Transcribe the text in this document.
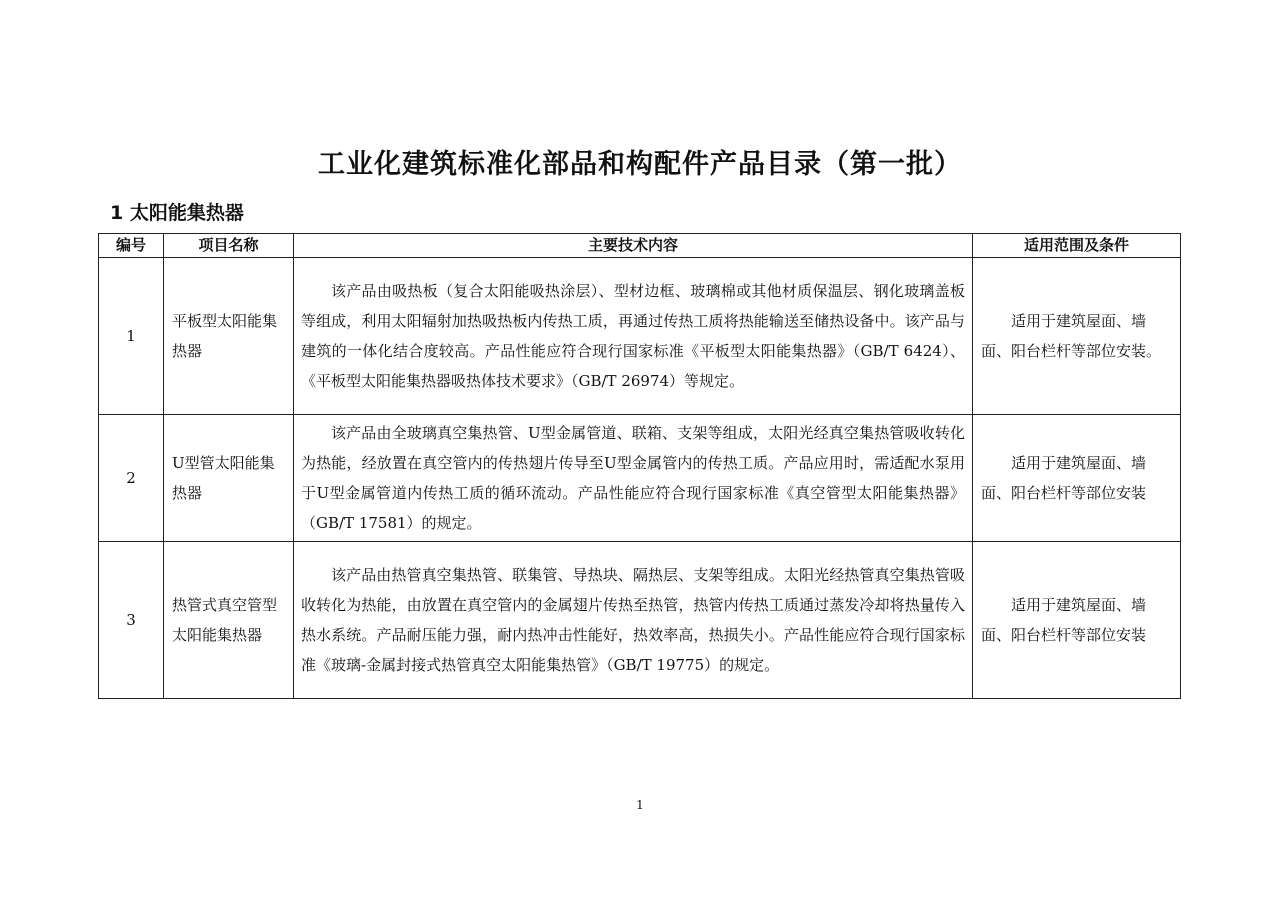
工业化建筑标准化部品和构配件产品目录（第一批）
1 太阳能集热器
编号	项目名称	主要技术内容	适用范围及条件
1	平板型太阳能集热器	该产品由吸热板（复合太阳能吸热涂层）、型材边框、玻璃棉或其他材质保温层、钢化玻璃盖板等组成，利用太阳辐射加热吸热板内传热工质，再通过传热工质将热能输送至储热设备中。该产品与建筑的一体化结合度较高。产品性能应符合现行国家标准《平板型太阳能集热器》（GB/T 6424）、《平板型太阳能集热器吸热体技术要求》（GB/T 26974）等规定。	适用于建筑屋面、墙面、阳台栏杆等部位安装。
2	U型管太阳能集热器	该产品由全玻璃真空集热管、U型金属管道、联箱、支架等组成，太阳光经真空集热管吸收转化为热能，经放置在真空管内的传热翅片传导至U型金属管内的传热工质。产品应用时，需适配水泵用于U型金属管道内传热工质的循环流动。产品性能应符合现行国家标准《真空管型太阳能集热器》（GB/T 17581）的规定。	适用于建筑屋面、墙面、阳台栏杆等部位安装
3	热管式真空管型太阳能集热器	该产品由热管真空集热管、联集管、导热块、隔热层、支架等组成。太阳光经热管真空集热管吸收转化为热能，由放置在真空管内的金属翅片传热至热管，热管内传热工质通过蒸发冷却将热量传入热水系统。产品耐压能力强，耐内热冲击性能好，热效率高，热损失小。产品性能应符合现行国家标准《玻璃-金属封接式热管真空太阳能集热管》（GB/T 19775）的规定。	适用于建筑屋面、墙面、阳台栏杆等部位安装
1
